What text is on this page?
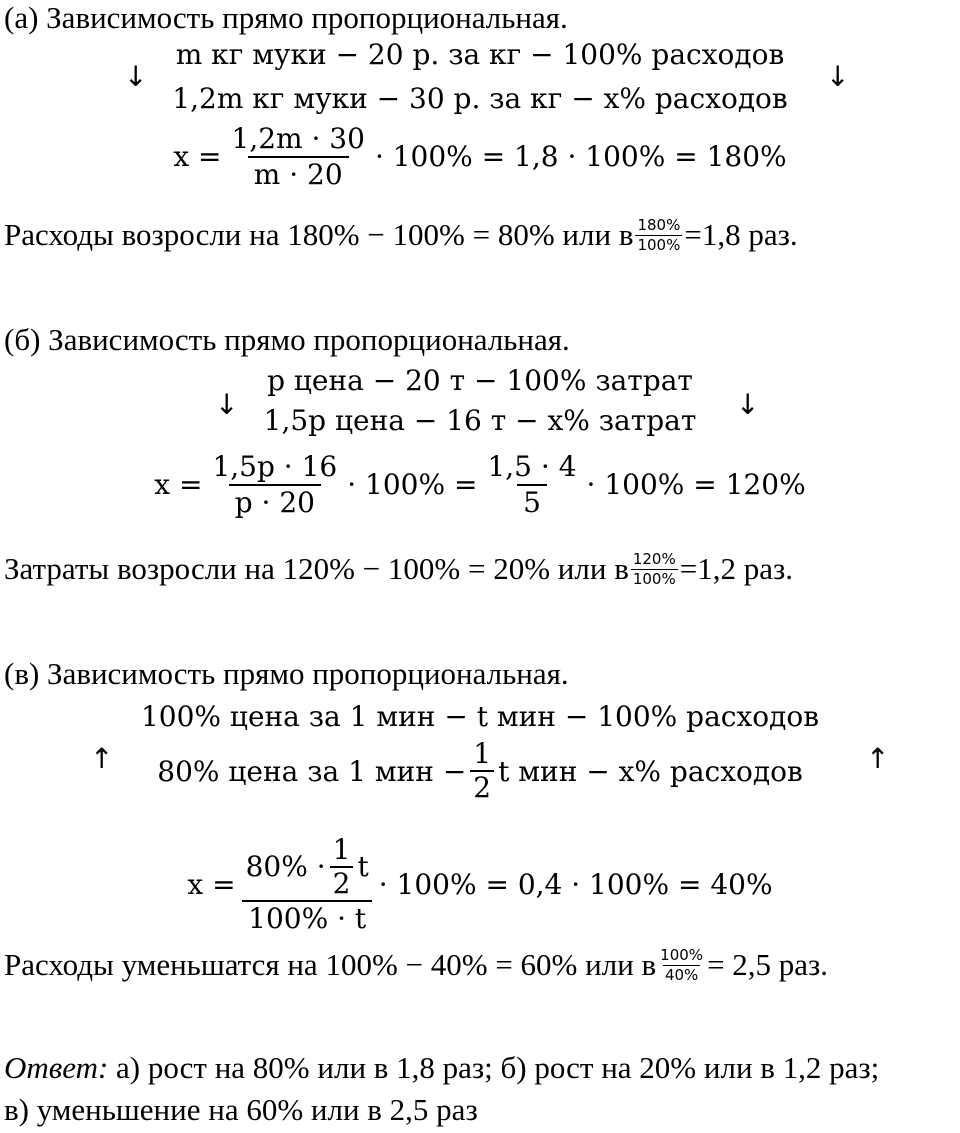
(а) Зависимость прямо пропорциональная.
↓	↓
m кг муки − 20 р. за кг − 100% расходов
1,2m кг муки − 30 р. за кг − x% расходов
$x = \frac{1,2m \cdot 30}{m \cdot 20} \cdot 100\% = 1,8 \cdot 100\% = 180\%$
Расходы возросли на 180% − 100% = 80% или в $\frac{180\%}{100\%} =1,8$ раз.
(б) Зависимость прямо пропорциональная.
↓	↓
p цена − 20 т − 100% затрат
1,5p цена − 16 т − x% затрат
$x = \frac{1,5p \cdot 16}{p \cdot 20} \cdot 100\% = \frac{1,5 \cdot 4}{5} \cdot 100\% = 120\%$
Затраты возросли на 120% − 100% = 20% или в $\frac{120\%}{100\%} =1,2$ раз.
(в) Зависимость прямо пропорциональная.
↑	↑
100% цена за 1 мин − t мин − 100% расходов
80% цена за 1 мин − $\frac{1}{2}$ t мин − x% расходов
$x = \frac{80\% \cdot \frac{1}{2} t}{100\% \cdot t} \cdot 100\% = 0,4 \cdot 100\% = 40\%$
Расходы уменьшатся на 100% − 40% = 60% или в $\frac{100\%}{40\%} = 2,5$ раз.
Ответ: а) рост на 80% или в 1,8 раз; б) рост на 20% или в 1,2 раз;
в) уменьшение на 60% или в 2,5 раз
